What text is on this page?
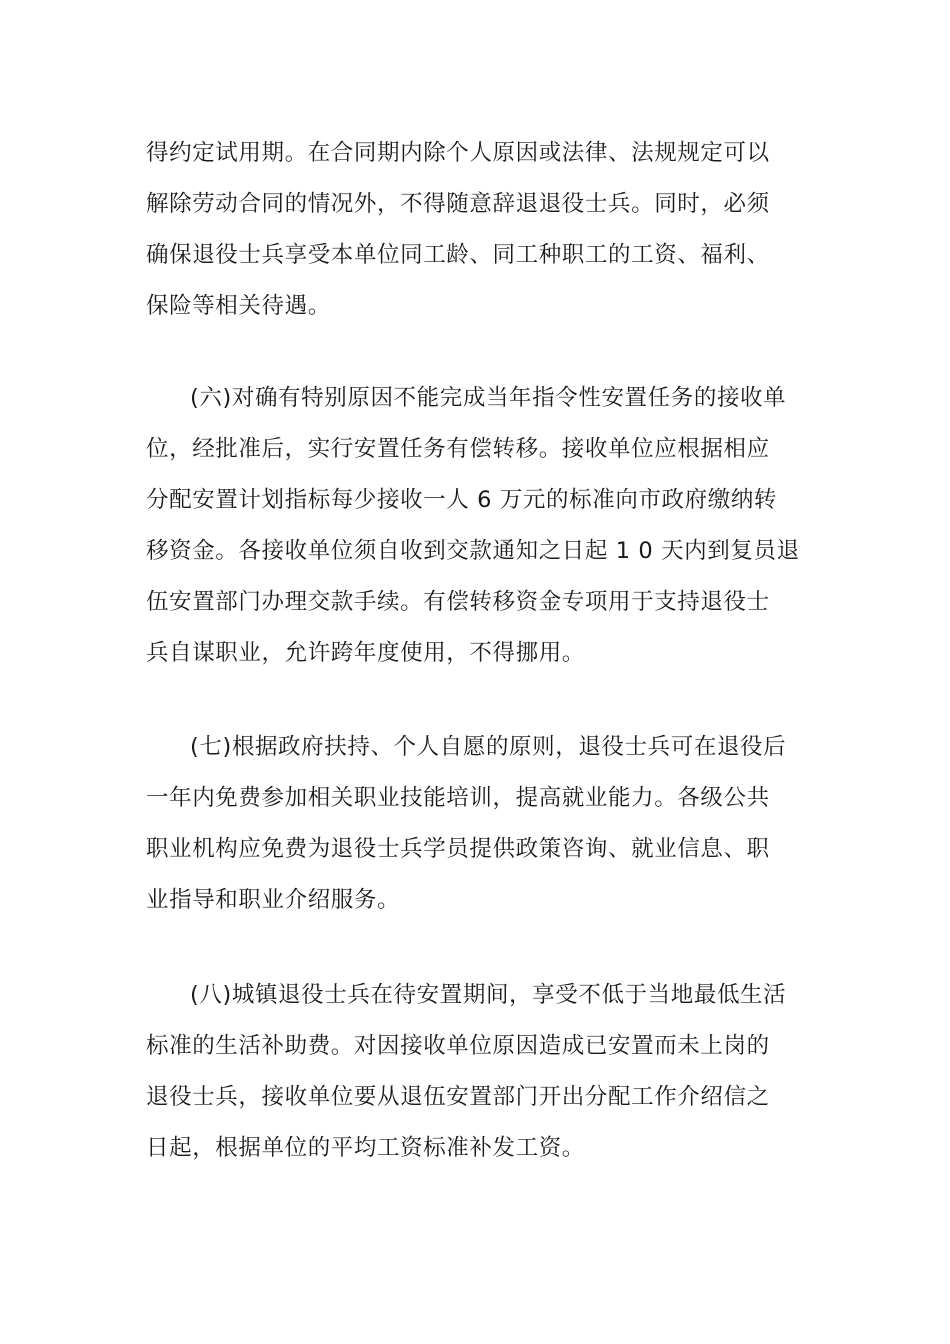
得约定试用期。在合同期内除个人原因或法律、法规规定可以
解除劳动合同的情况外，不得随意辞退退役士兵。同时，必须
确保退役士兵享受本单位同工龄、同工种职工的工资、福利、
保险等相关待遇。
(六)对确有特别原因不能完成当年指令性安置任务的接收单
位，经批准后，实行安置任务有偿转移。接收单位应根据相应
分配安置计划指标每少接收一人 6 万元的标准向市政府缴纳转
移资金。各接收单位须自收到交款通知之日起 1 0 天内到复员退
伍安置部门办理交款手续。有偿转移资金专项用于支持退役士
兵自谋职业，允许跨年度使用，不得挪用。
(七)根据政府扶持、个人自愿的原则，退役士兵可在退役后
一年内免费参加相关职业技能培训，提高就业能力。各级公共
职业机构应免费为退役士兵学员提供政策咨询、就业信息、职
业指导和职业介绍服务。
(八)城镇退役士兵在待安置期间，享受不低于当地最低生活
标准的生活补助费。对因接收单位原因造成已安置而未上岗的
退役士兵，接收单位要从退伍安置部门开出分配工作介绍信之
日起，根据单位的平均工资标准补发工资。
